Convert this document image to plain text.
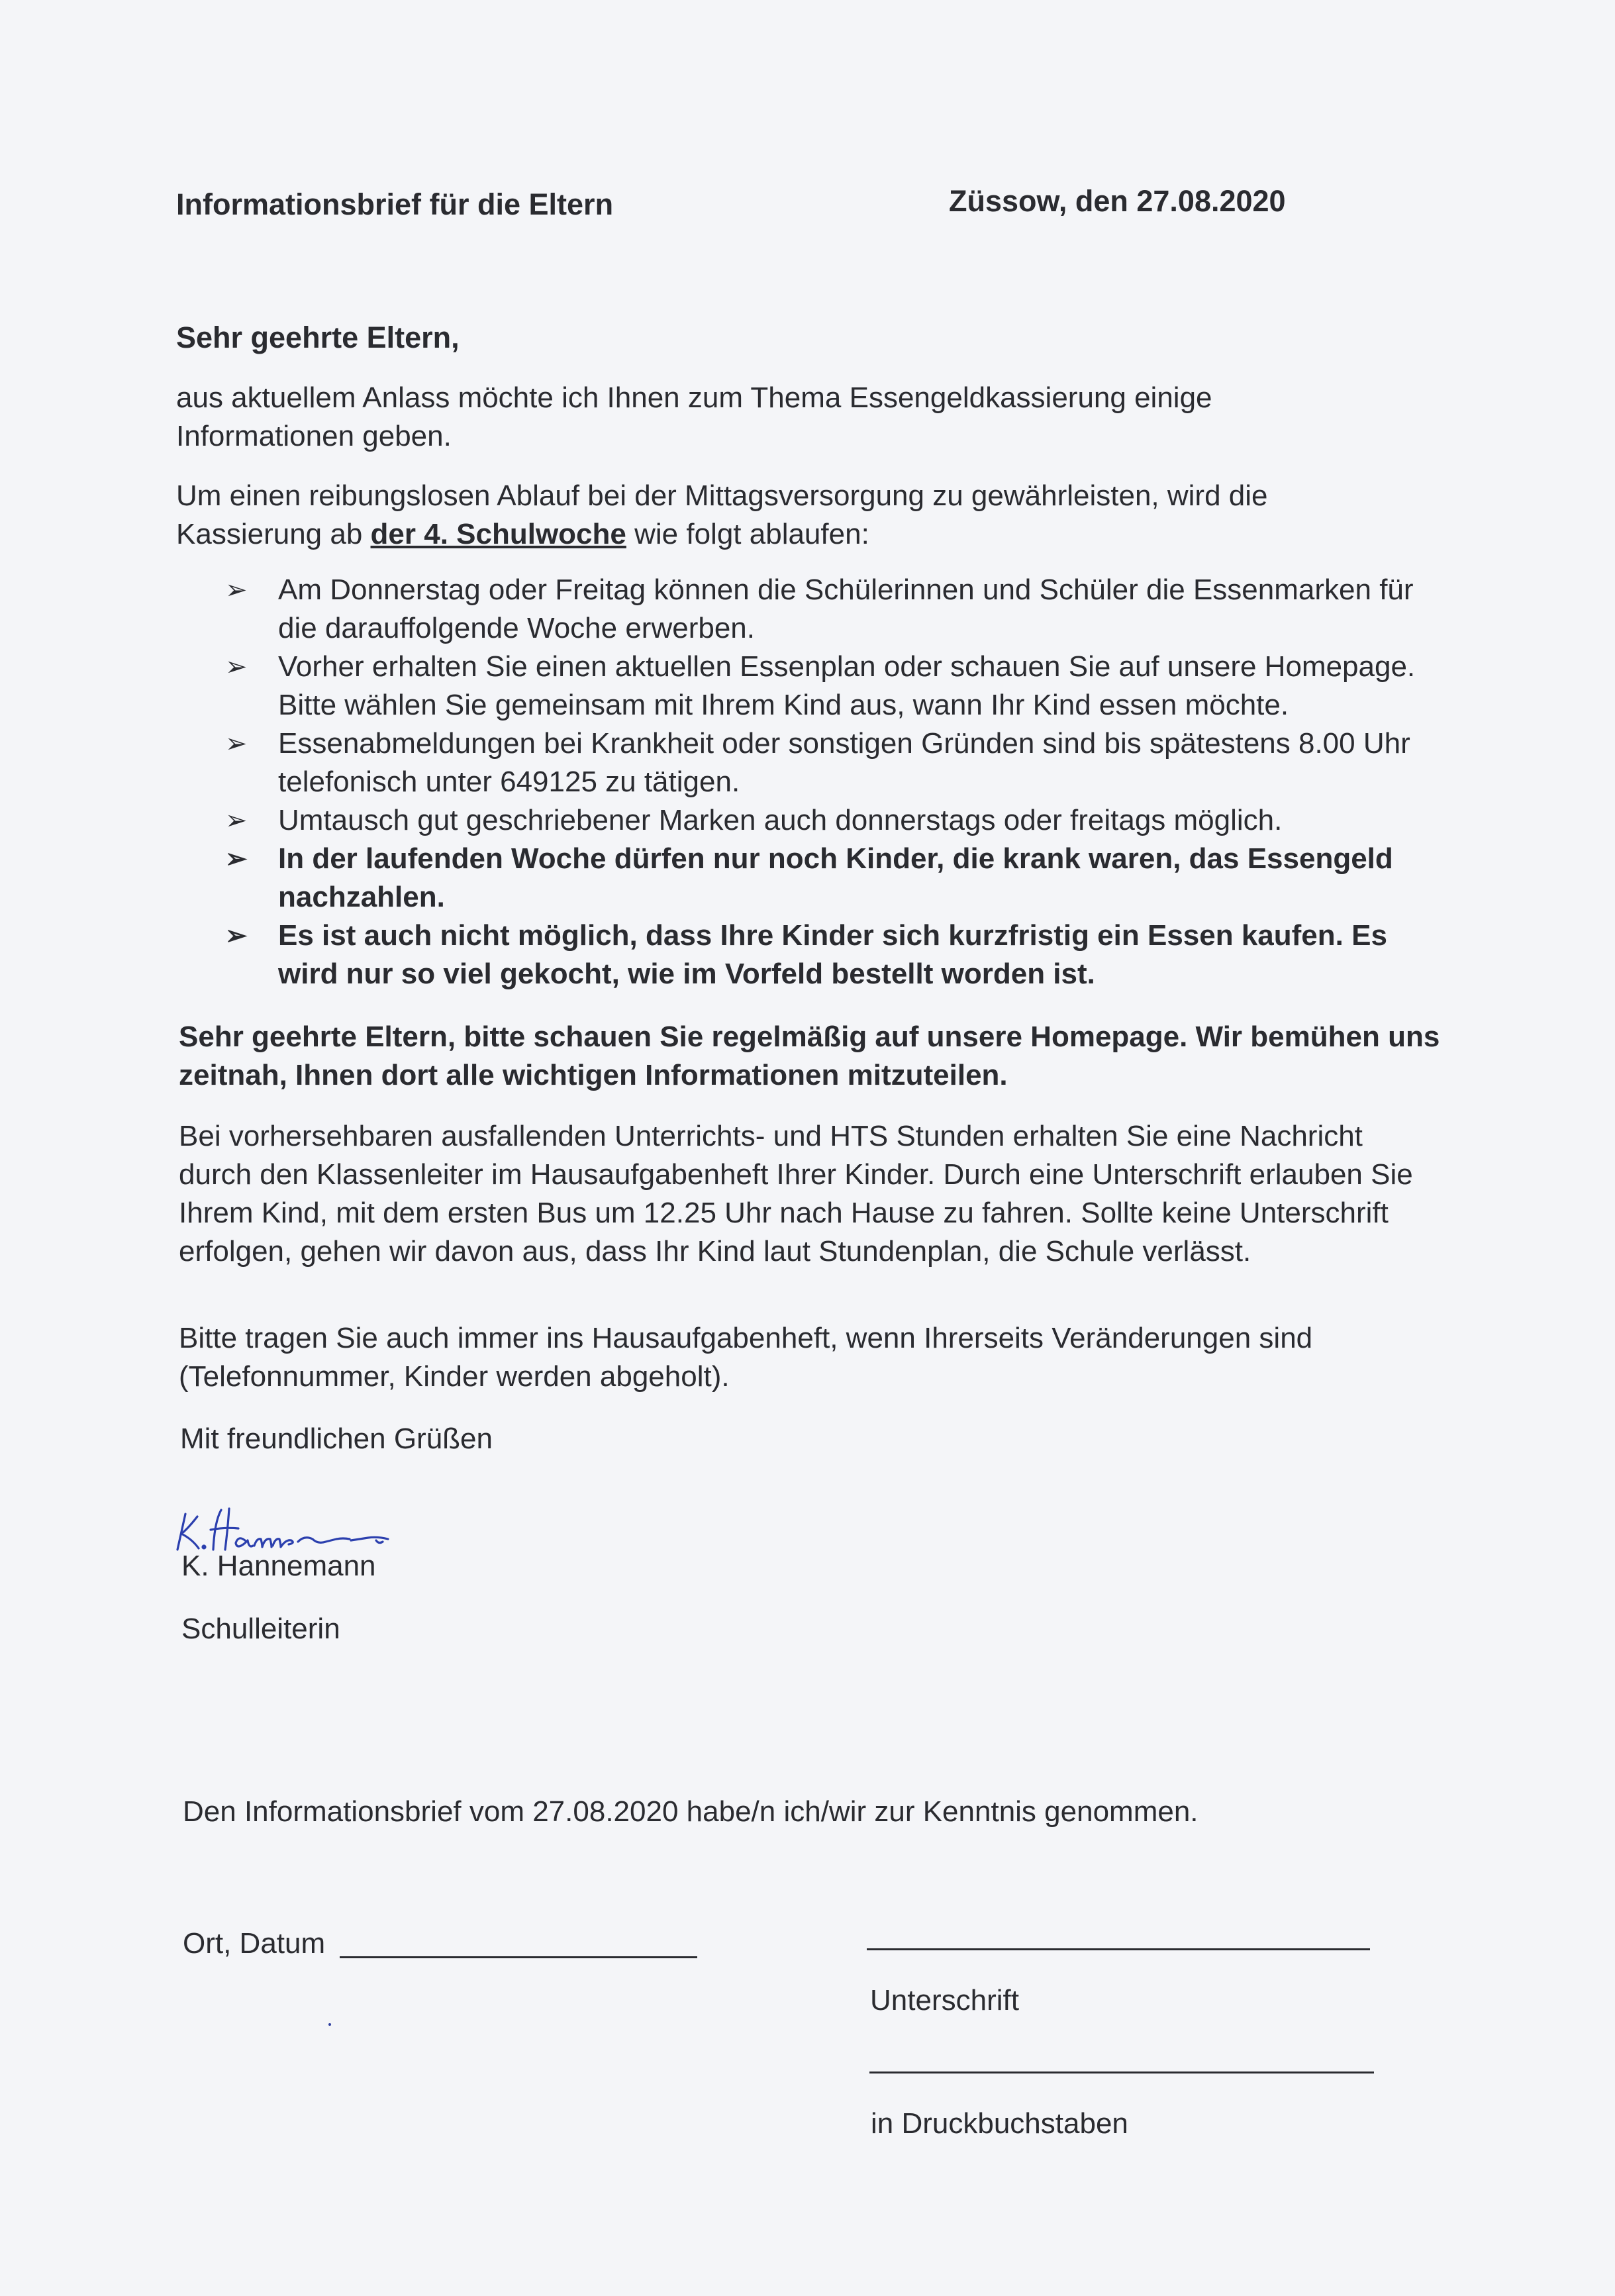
Informationsbrief für die Eltern	Züssow, den 27.08.2020
Sehr geehrte Eltern,
aus aktuellem Anlass möchte ich Ihnen zum Thema Essengeldkassierung einige Informationen geben.
Um einen reibungslosen Ablauf bei der Mittagsversorgung zu gewährleisten, wird die Kassierung ab der 4. Schulwoche wie folgt ablaufen:
➢ Am Donnerstag oder Freitag können die Schülerinnen und Schüler die Essenmarken für die darauffolgende Woche erwerben.
➢ Vorher erhalten Sie einen aktuellen Essenplan oder schauen Sie auf unsere Homepage. Bitte wählen Sie gemeinsam mit Ihrem Kind aus, wann Ihr Kind essen möchte.
➢ Essenabmeldungen bei Krankheit oder sonstigen Gründen sind bis spätestens 8.00 Uhr telefonisch unter 649125 zu tätigen.
➢ Umtausch gut geschriebener Marken auch donnerstags oder freitags möglich.
➢ In der laufenden Woche dürfen nur noch Kinder, die krank waren, das Essengeld nachzahlen.
➢ Es ist auch nicht möglich, dass Ihre Kinder sich kurzfristig ein Essen kaufen. Es wird nur so viel gekocht, wie im Vorfeld bestellt worden ist.
Sehr geehrte Eltern, bitte schauen Sie regelmäßig auf unsere Homepage. Wir bemühen uns zeitnah, Ihnen dort alle wichtigen Informationen mitzuteilen.
Bei vorhersehbaren ausfallenden Unterrichts- und HTS Stunden erhalten Sie eine Nachricht durch den Klassenleiter im Hausaufgabenheft Ihrer Kinder. Durch eine Unterschrift erlauben Sie Ihrem Kind, mit dem ersten Bus um 12.25 Uhr nach Hause zu fahren. Sollte keine Unterschrift erfolgen, gehen wir davon aus, dass Ihr Kind laut Stundenplan, die Schule verlässt.
Bitte tragen Sie auch immer ins Hausaufgabenheft, wenn Ihrerseits Veränderungen sind (Telefonnummer, Kinder werden abgeholt).
Mit freundlichen Grüßen
K. Hannemann
Schulleiterin
Den Informationsbrief vom 27.08.2020 habe/n ich/wir zur Kenntnis genommen.
Ort, Datum
Unterschrift
in Druckbuchstaben
